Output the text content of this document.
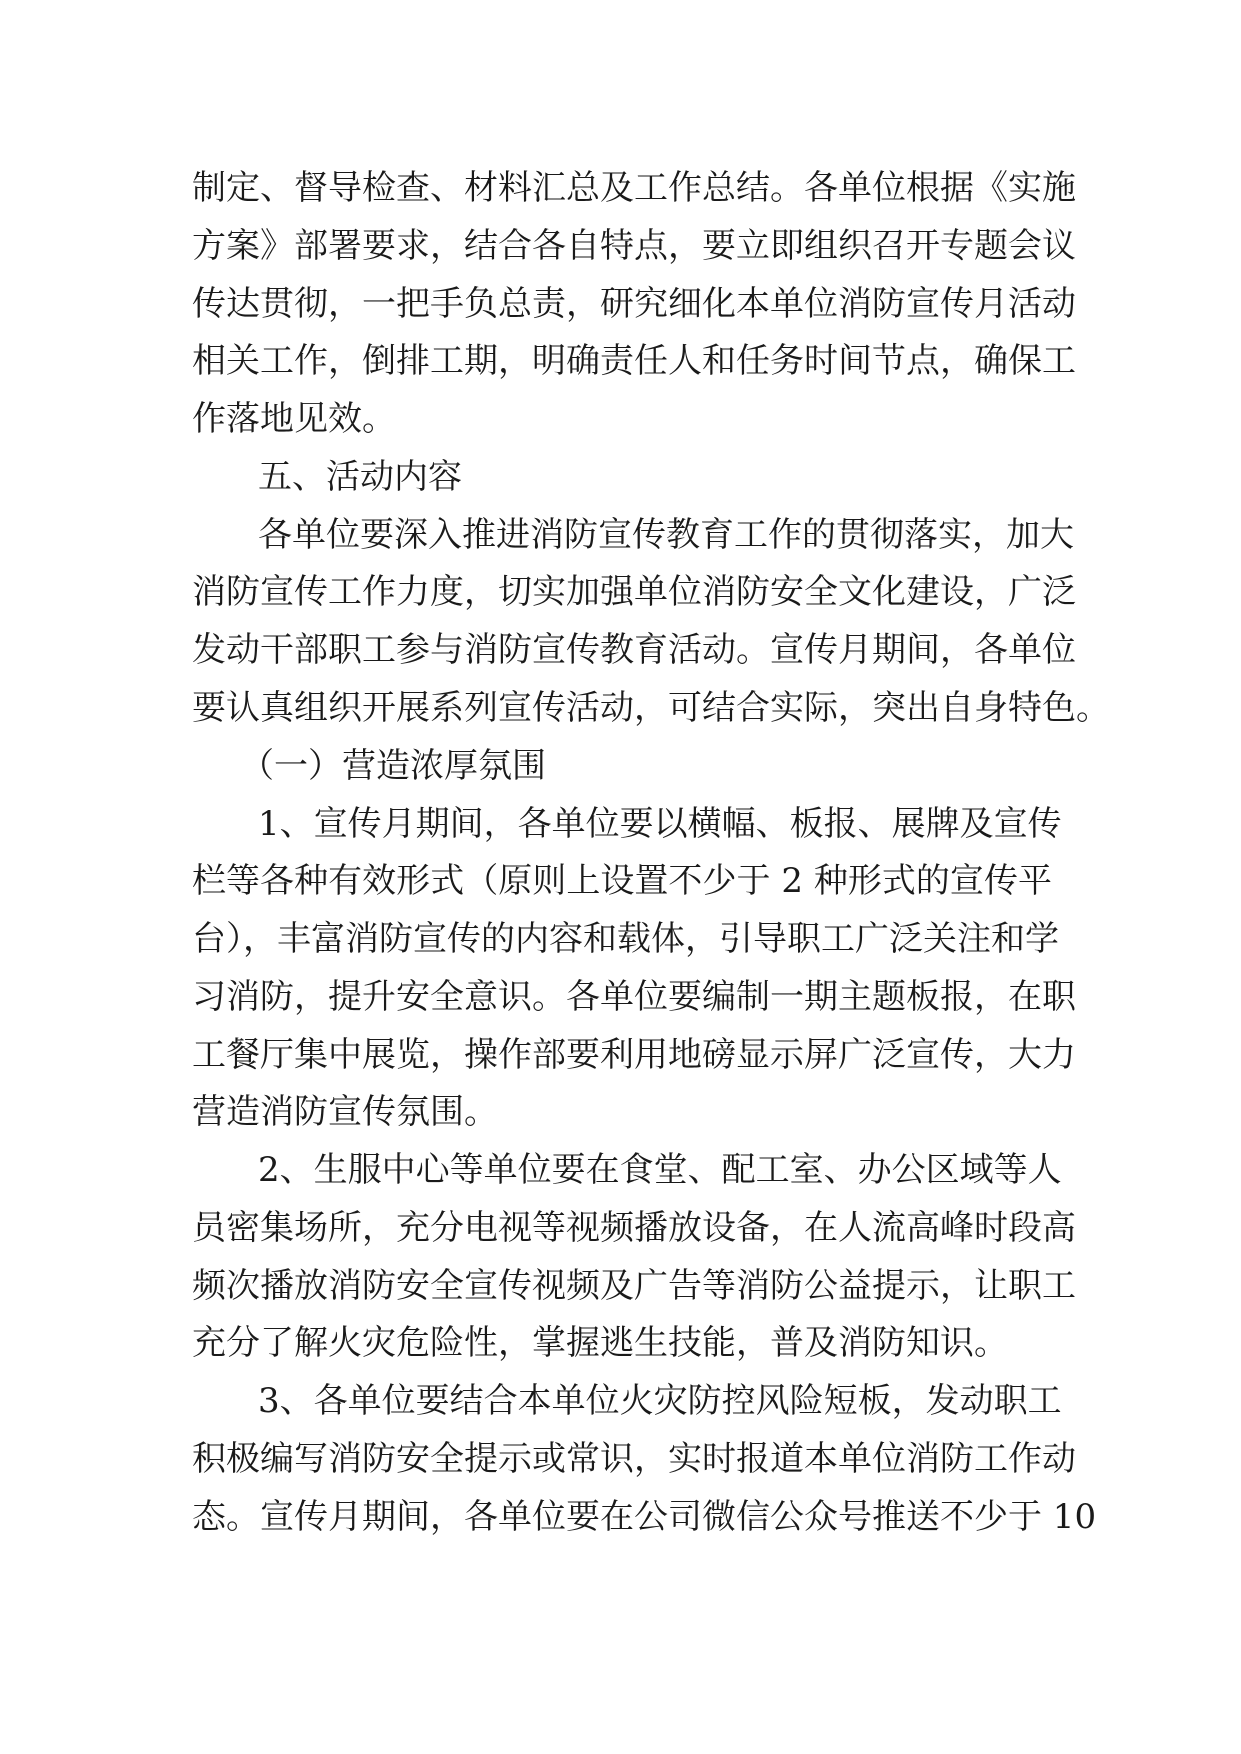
制定、督导检查、材料汇总及工作总结。各单位根据《实施
方案》部署要求，结合各自特点，要立即组织召开专题会议
传达贯彻，一把手负总责，研究细化本单位消防宣传月活动
相关工作，倒排工期，明确责任人和任务时间节点，确保工
作落地见效。
五、活动内容
各单位要深入推进消防宣传教育工作的贯彻落实，加大
消防宣传工作力度，切实加强单位消防安全文化建设，广泛
发动干部职工参与消防宣传教育活动。宣传月期间，各单位
要认真组织开展系列宣传活动，可结合实际，突出自身特色。
（一）营造浓厚氛围
1、宣传月期间，各单位要以横幅、板报、展牌及宣传
栏等各种有效形式（原则上设置不少于 2 种形式的宣传平
台），丰富消防宣传的内容和载体，引导职工广泛关注和学
习消防，提升安全意识。各单位要编制一期主题板报，在职
工餐厅集中展览，操作部要利用地磅显示屏广泛宣传，大力
营造消防宣传氛围。
2、生服中心等单位要在食堂、配工室、办公区域等人
员密集场所，充分电视等视频播放设备，在人流高峰时段高
频次播放消防安全宣传视频及广告等消防公益提示，让职工
充分了解火灾危险性，掌握逃生技能，普及消防知识。
3、各单位要结合本单位火灾防控风险短板，发动职工
积极编写消防安全提示或常识，实时报道本单位消防工作动
态。宣传月期间，各单位要在公司微信公众号推送不少于 10
